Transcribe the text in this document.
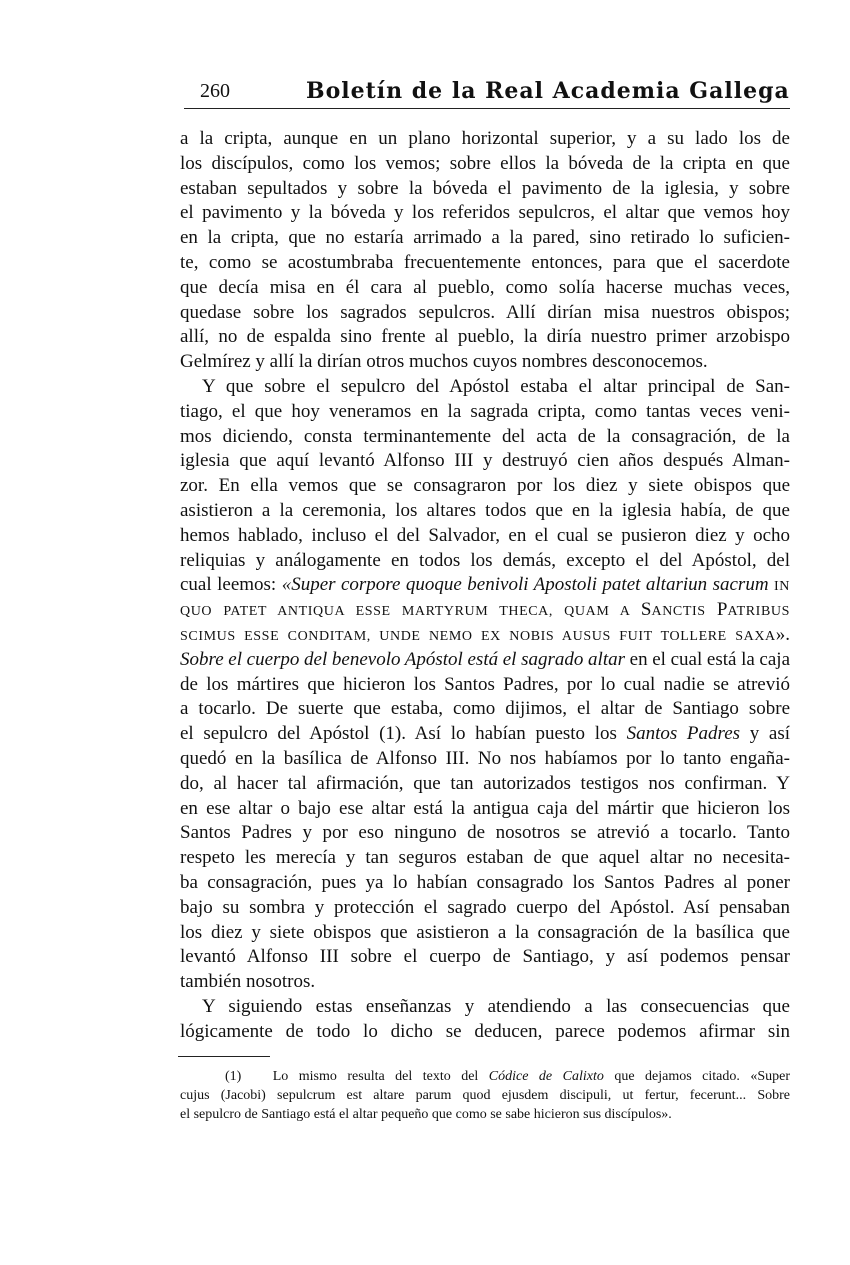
260	Boletín de la Real Academia Gallega
a la cripta, aunque en un plano horizontal superior, y a su lado los de
los discípulos, como los vemos; sobre ellos la bóveda de la cripta en que
estaban sepultados y sobre la bóveda el pavimento de la iglesia, y sobre
el pavimento y la bóveda y los referidos sepulcros, el altar que vemos hoy
en la cripta, que no estaría arrimado a la pared, sino retirado lo suficien-
te, como se acostumbraba frecuentemente entonces, para que el sacerdote
que decía misa en él cara al pueblo, como solía hacerse muchas veces,
quedase sobre los sagrados sepulcros. Allí dirían misa nuestros obispos;
allí, no de espalda sino frente al pueblo, la diría nuestro primer arzobispo
Gelmírez y allí la dirían otros muchos cuyos nombres desconocemos.
Y que sobre el sepulcro del Apóstol estaba el altar principal de San-
tiago, el que hoy veneramos en la sagrada cripta, como tantas veces veni-
mos diciendo, consta terminantemente del acta de la consagración, de la
iglesia que aquí levantó Alfonso III y destruyó cien años después Alman-
zor. En ella vemos que se consagraron por los diez y siete obispos que
asistieron a la ceremonia, los altares todos que en la iglesia había, de que
hemos hablado, incluso el del Salvador, en el cual se pusieron diez y ocho
reliquias y análogamente en todos los demás, excepto el del Apóstol, del
cual leemos: «Super corpore quoque benivoli Apostoli patet altariun sacrum IN
QUO PATET ANTIQUA ESSE MARTYRUM THECA, QUAM A SANCTIS PATRIBUS
SCIMUS ESSE CONDITAM, UNDE NEMO EX NOBIS AUSUS FUIT TOLLERE SAXA».
Sobre el cuerpo del benevolo Apóstol está el sagrado altar en el cual está la caja
de los mártires que hicieron los Santos Padres, por lo cual nadie se atrevió
a tocarlo. De suerte que estaba, como dijimos, el altar de Santiago sobre
el sepulcro del Apóstol (1). Así lo habían puesto los Santos Padres y así
quedó en la basílica de Alfonso III. No nos habíamos por lo tanto engaña-
do, al hacer tal afirmación, que tan autorizados testigos nos confirman. Y
en ese altar o bajo ese altar está la antigua caja del mártir que hicieron los
Santos Padres y por eso ninguno de nosotros se atrevió a tocarlo. Tanto
respeto les merecía y tan seguros estaban de que aquel altar no necesita-
ba consagración, pues ya lo habían consagrado los Santos Padres al poner
bajo su sombra y protección el sagrado cuerpo del Apóstol. Así pensaban
los diez y siete obispos que asistieron a la consagración de la basílica que
levantó Alfonso III sobre el cuerpo de Santiago, y así podemos pensar
también nosotros.
Y siguiendo estas enseñanzas y atendiendo a las consecuencias que
lógicamente de todo lo dicho se deducen, parece podemos afirmar sin
(1)   Lo mismo resulta del texto del Códice de Calixto que dejamos citado. «Super
cujus (Jacobi) sepulcrum est altare parum quod ejusdem discipuli, ut fertur, fecerunt... Sobre
el sepulcro de Santiago está el altar pequeño que como se sabe hicieron sus discípulos».
